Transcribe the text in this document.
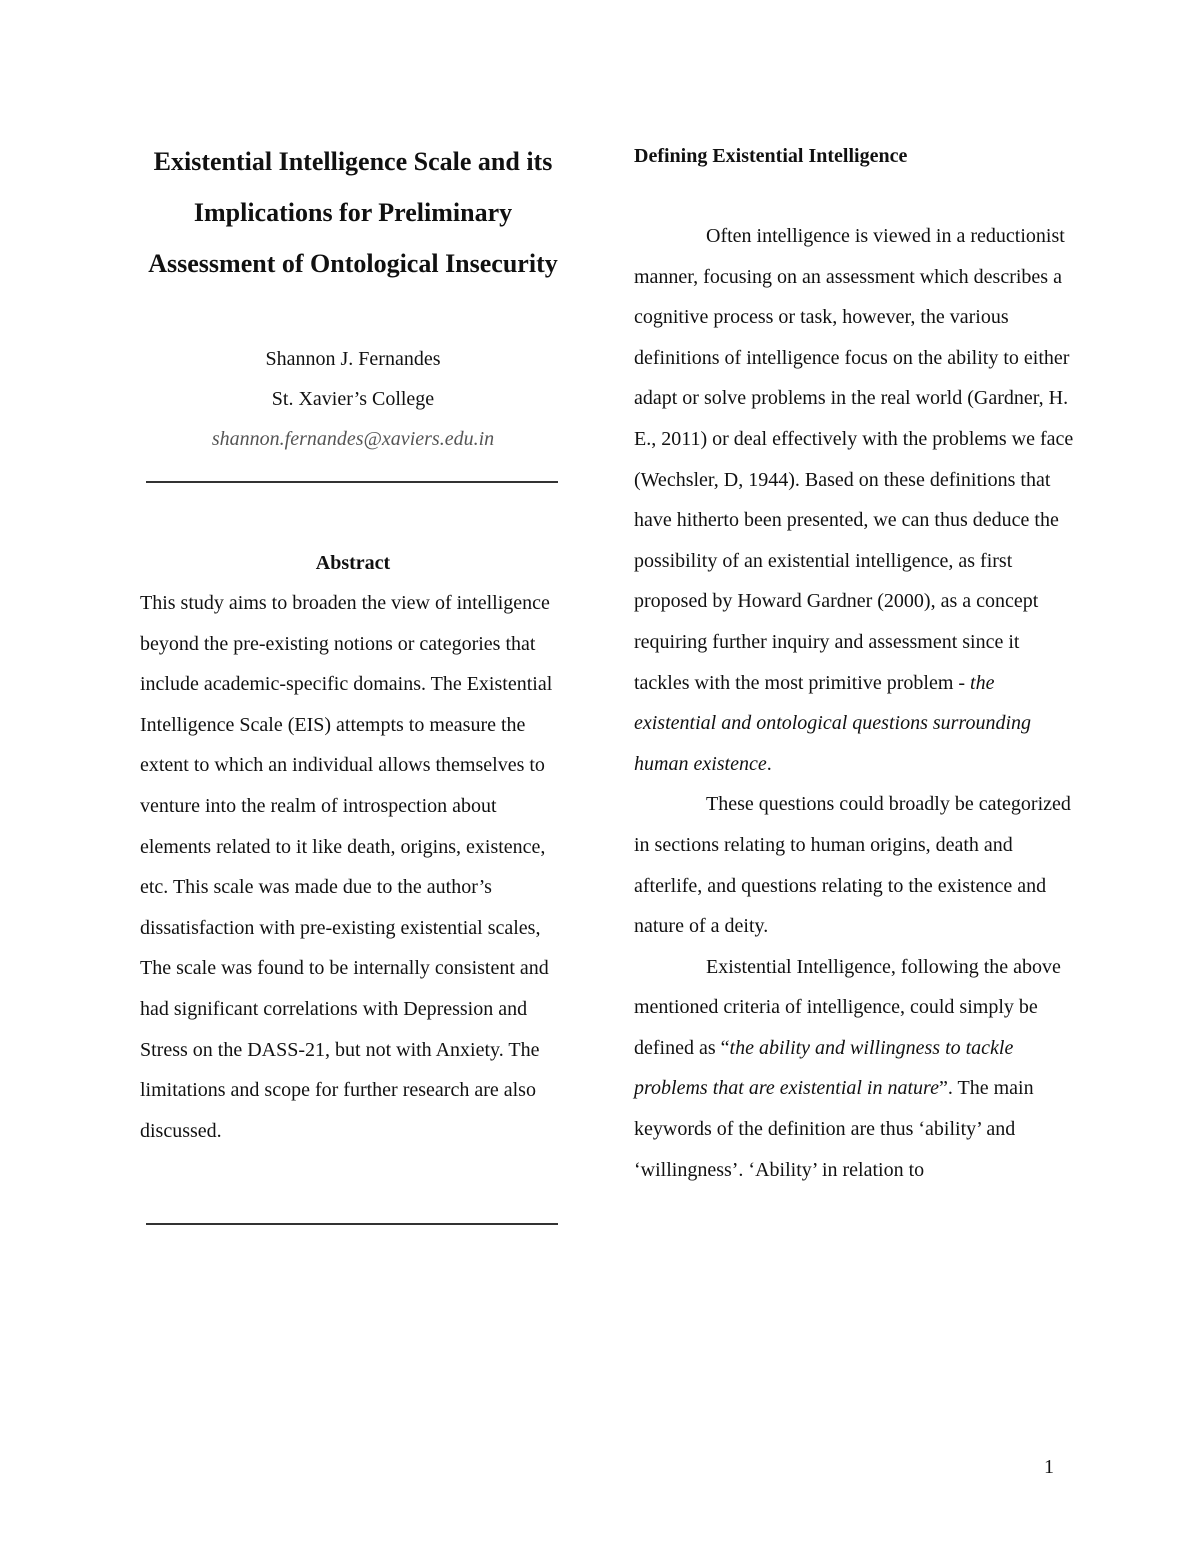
Existential Intelligence Scale and its Implications for Preliminary Assessment of Ontological Insecurity
Shannon J. Fernandes
St. Xavier’s College
shannon.fernandes@xaviers.edu.in
Abstract

This study aims to broaden the view of intelligence beyond the pre-existing notions or categories that include academic-specific domains. The Existential Intelligence Scale (EIS) attempts to measure the extent to which an individual allows themselves to venture into the realm of introspection about elements related to it like death, origins, existence, etc. This scale was made due to the author’s dissatisfaction with pre-existing existential scales, The scale was found to be internally consistent and had significant correlations with Depression and Stress on the DASS-21, but not with Anxiety. The limitations and scope for further research are also discussed.

Defining Existential Intelligence

Often intelligence is viewed in a reductionist manner, focusing on an assessment which describes a cognitive process or task, however, the various definitions of intelligence focus on the ability to either adapt or solve problems in the real world (Gardner, H. E., 2011) or deal effectively with the problems we face (Wechsler, D, 1944). Based on these definitions that have hitherto been presented, we can thus deduce the possibility of an existential intelligence, as first proposed by Howard Gardner (2000), as a concept requiring further inquiry and assessment since it tackles with the most primitive problem - the existential and ontological questions surrounding human existence.

These questions could broadly be categorized in sections relating to human origins, death and afterlife, and questions relating to the existence and nature of a deity.

Existential Intelligence, following the above mentioned criteria of intelligence, could simply be defined as “the ability and willingness to tackle problems that are existential in nature”. The main keywords of the definition are thus ‘ability’ and ‘willingness’. ‘Ability’ in relation to

1
